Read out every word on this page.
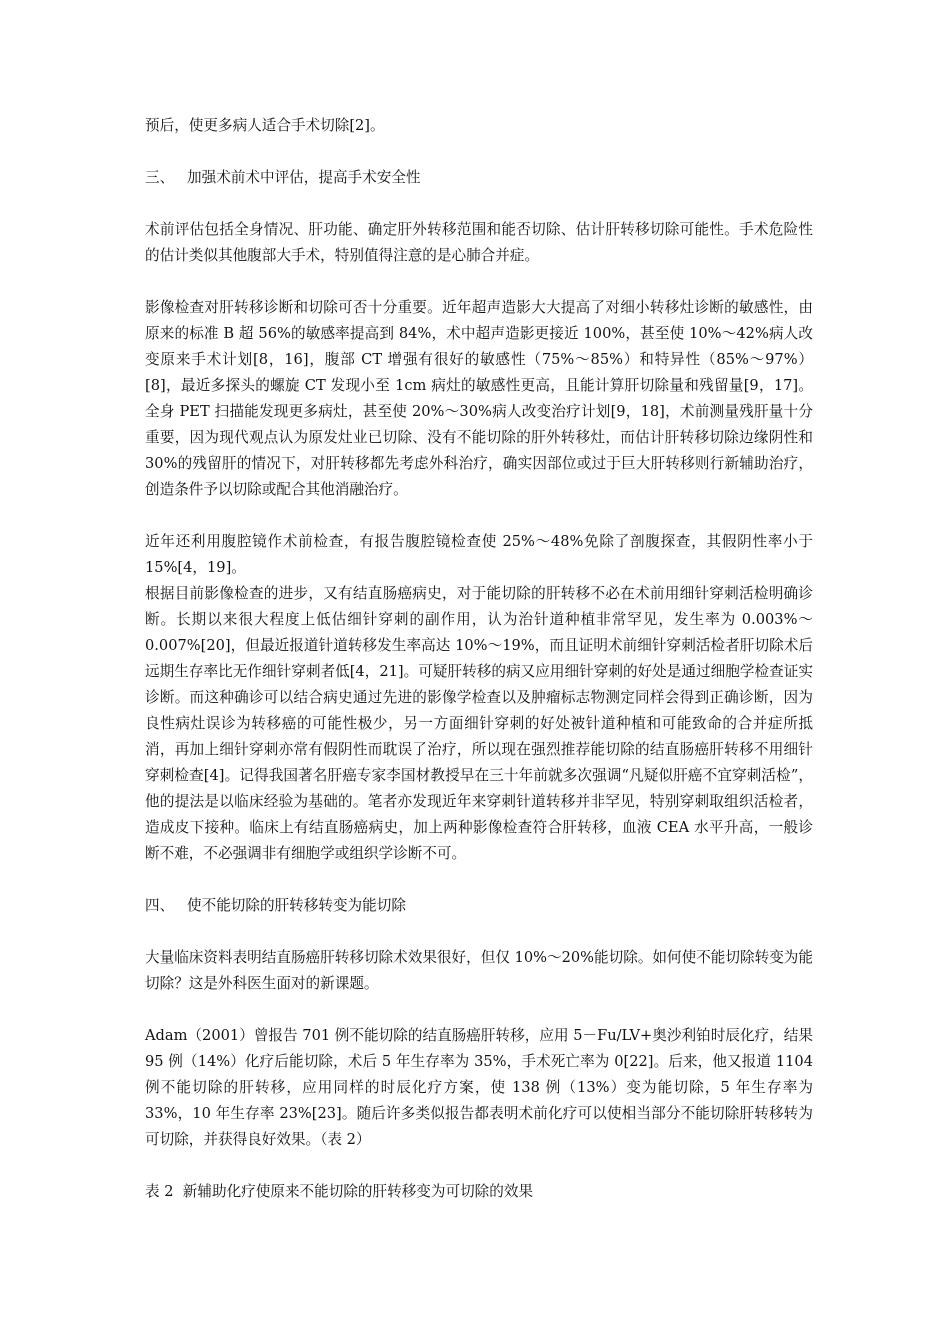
预后，使更多病人适合手术切除[2]。

三、 加强术前术中评估，提高手术安全性

术前评估包括全身情况、肝功能、确定肝外转移范围和能否切除、估计肝转移切除可能性。手术危险性的估计类似其他腹部大手术，特别值得注意的是心肺合并症。

影像检查对肝转移诊断和切除可否十分重要。近年超声造影大大提高了对细小转移灶诊断的敏感性，由原来的标准 B 超 56%的敏感率提高到 84%，术中超声造影更接近 100%，甚至使 10%～42%病人改变原来手术计划[8，16]，腹部 CT 增强有很好的敏感性（75%～85%）和特异性（85%～97%）[8]，最近多探头的螺旋 CT 发现小至 1cm 病灶的敏感性更高，且能计算肝切除量和残留量[9，17]。全身 PET 扫描能发现更多病灶，甚至使 20%～30%病人改变治疗计划[9，18]，术前测量残肝量十分重要，因为现代观点认为原发灶业已切除、没有不能切除的肝外转移灶，而估计肝转移切除边缘阴性和 30%的残留肝的情况下，对肝转移都先考虑外科治疗，确实因部位或过于巨大肝转移则行新辅助治疗，创造条件予以切除或配合其他消融治疗。

近年还利用腹腔镜作术前检查，有报告腹腔镜检查使 25%～48%免除了剖腹探查，其假阴性率小于 15%[4，19]。

根据目前影像检查的进步，又有结直肠癌病史，对于能切除的肝转移不必在术前用细针穿刺活检明确诊断。长期以来很大程度上低估细针穿刺的副作用，认为治针道种植非常罕见，发生率为 0.003%～0.007%[20]，但最近报道针道转移发生率高达 10%～19%，而且证明术前细针穿刺活检者肝切除术后远期生存率比无作细针穿刺者低[4，21]。可疑肝转移的病又应用细针穿刺的好处是通过细胞学检查证实诊断。而这种确诊可以结合病史通过先进的影像学检查以及肿瘤标志物测定同样会得到正确诊断，因为良性病灶误诊为转移癌的可能性极少，另一方面细针穿刺的好处被针道种植和可能致命的合并症所抵消，再加上细针穿刺亦常有假阴性而耽误了治疗，所以现在强烈推荐能切除的结直肠癌肝转移不用细针穿刺检查[4]。记得我国著名肝癌专家李国材教授早在三十年前就多次强调“凡疑似肝癌不宜穿刺活检”，他的提法是以临床经验为基础的。笔者亦发现近年来穿刺针道转移并非罕见，特别穿刺取组织活检者，造成皮下接种。临床上有结直肠癌病史，加上两种影像检查符合肝转移，血液 CEA 水平升高，一般诊断不难，不必强调非有细胞学或组织学诊断不可。

四、 使不能切除的肝转移转变为能切除

大量临床资料表明结直肠癌肝转移切除术效果很好，但仅 10%～20%能切除。如何使不能切除转变为能切除？这是外科医生面对的新课题。

Adam（2001）曾报告 701 例不能切除的结直肠癌肝转移，应用 5－Fu/LV+奥沙利铂时辰化疗，结果 95 例（14%）化疗后能切除，术后 5 年生存率为 35%，手术死亡率为 0[22]。后来，他又报道 1104 例不能切除的肝转移，应用同样的时辰化疗方案，使 138 例（13%）变为能切除，5 年生存率为 33%，10 年生存率 23%[23]。随后许多类似报告都表明术前化疗可以使相当部分不能切除肝转移转为可切除，并获得良好效果。（表 2）

表 2  新辅助化疗使原来不能切除的肝转移变为可切除的效果
